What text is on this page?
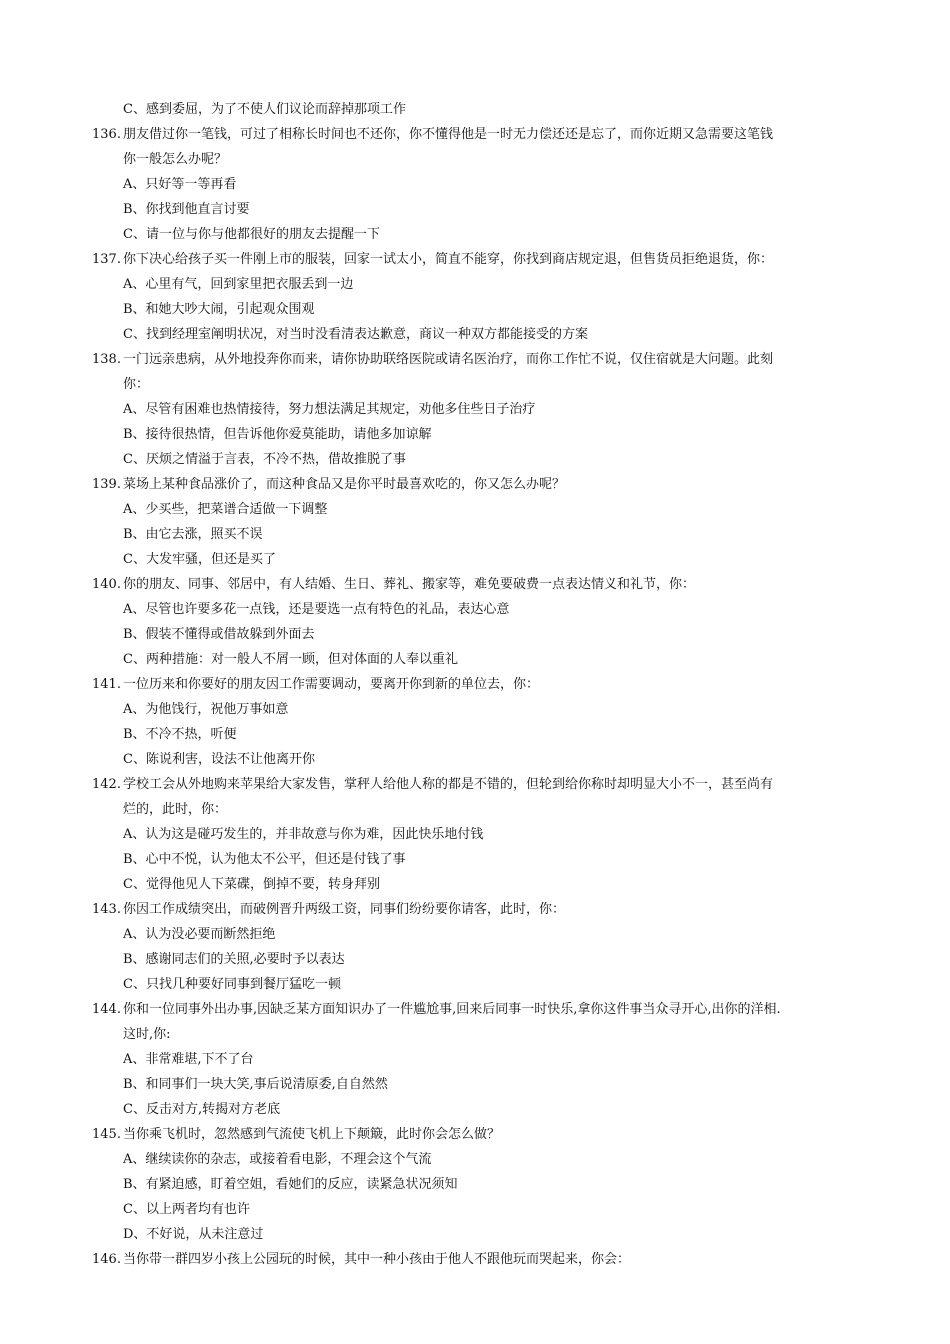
C、感到委屈，为了不使人们议论而辞掉那项工作
136. 朋友借过你一笔钱，可过了相称长时间也不还你，你不懂得他是一时无力偿还还是忘了，而你近期又急需要这笔钱
你一般怎么办呢？
A、只好等一等再看
B、你找到他直言讨要
C、请一位与你与他都很好的朋友去提醒一下
137. 你下决心给孩子买一件刚上市的服装，回家一试太小，简直不能穿，你找到商店规定退，但售货员拒绝退货，你：
A、心里有气，回到家里把衣服丢到一边
B、和她大吵大闹，引起观众围观
C、找到经理室阐明状况，对当时没看清表达歉意，商议一种双方都能接受的方案
138. 一门远亲患病，从外地投奔你而来，请你协助联络医院或请名医治疗，而你工作忙不说，仅住宿就是大问题。此刻
你：
A、尽管有困难也热情接待，努力想法满足其规定，劝他多住些日子治疗
B、接待很热情，但告诉他你爱莫能助，请他多加谅解
C、厌烦之情溢于言表，不冷不热，借故推脱了事
139. 菜场上某种食品涨价了，而这种食品又是你平时最喜欢吃的，你又怎么办呢？
A、少买些，把菜谱合适做一下调整
B、由它去涨，照买不误
C、大发牢骚，但还是买了
140. 你的朋友、同事、邻居中，有人结婚、生日、葬礼、搬家等，难免要破费一点表达情义和礼节，你：
A、尽管也许要多花一点钱，还是要选一点有特色的礼品，表达心意
B、假装不懂得或借故躲到外面去
C、两种措施：对一般人不屑一顾，但对体面的人奉以重礼
141. 一位历来和你要好的朋友因工作需要调动，要离开你到新的单位去，你：
A、为他饯行，祝他万事如意
B、不冷不热，听便
C、陈说利害，设法不让他离开你
142. 学校工会从外地购来苹果给大家发售，掌秤人给他人称的都是不错的，但轮到给你称时却明显大小不一，甚至尚有
烂的，此时，你：
A、认为这是碰巧发生的，并非故意与你为难，因此快乐地付钱
B、心中不悦，认为他太不公平，但还是付钱了事
C、觉得他见人下菜碟，倒掉不要，转身拜别
143. 你因工作成绩突出，而破例晋升两级工资，同事们纷纷要你请客，此时，你：
A、认为没必要而断然拒绝
B、感谢同志们的关照,必要时予以表达
C、只找几种要好同事到餐厅猛吃一顿
144. 你和一位同事外出办事,因缺乏某方面知识办了一件尴尬事,回来后同事一时快乐,拿你这件事当众寻开心,出你的洋相.
这时,你:
A、非常难堪,下不了台
B、和同事们一块大笑,事后说清原委,自自然然
C、反击对方,转揭对方老底
145. 当你乘飞机时，忽然感到气流使飞机上下颠簸，此时你会怎么做？
A、继续读你的杂志，或接着看电影，不理会这个气流
B、有紧迫感，盯着空姐，看她们的反应，读紧急状况须知
C、以上两者均有也许
D、不好说，从未注意过
146. 当你带一群四岁小孩上公园玩的时候，其中一种小孩由于他人不跟他玩而哭起来，你会：
